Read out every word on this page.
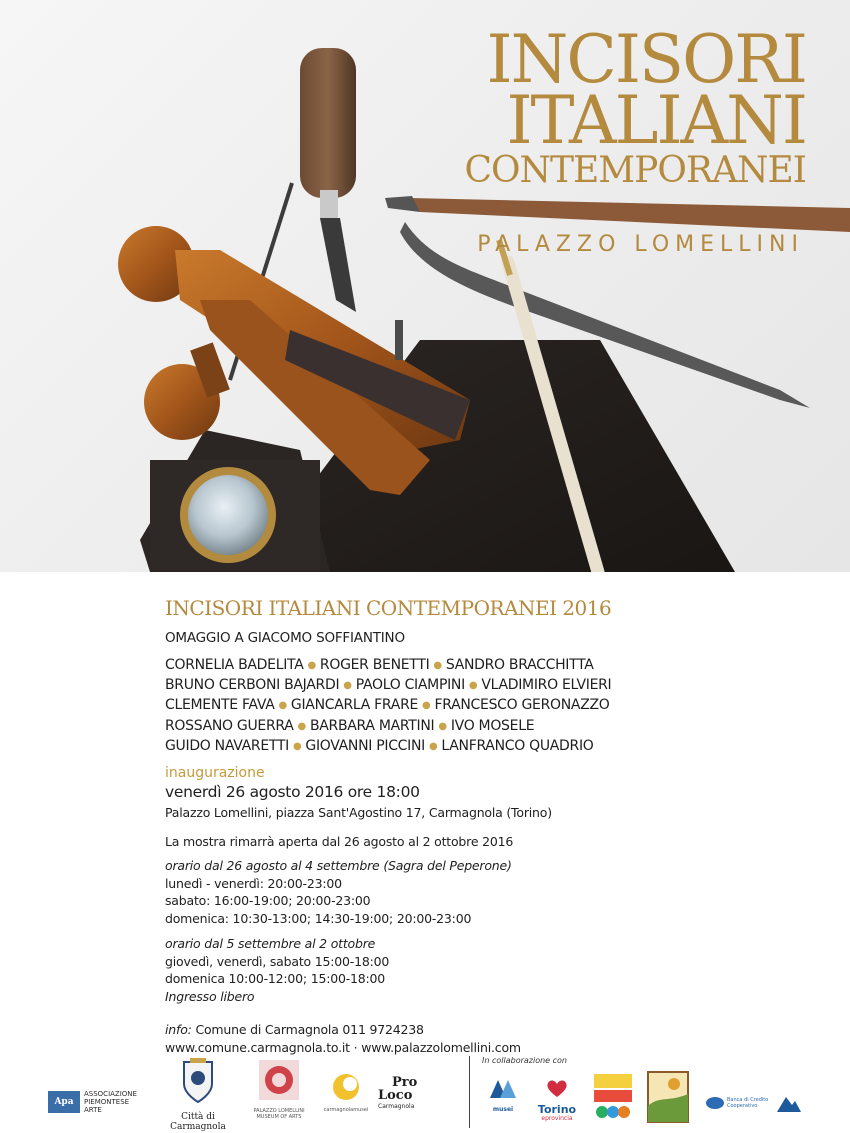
INCISORI
ITALIANI
CONTEMPORANEI
PALAZZO LOMELLINI
INCISORI ITALIANI CONTEMPORANEI 2016
OMAGGIO A GIACOMO SOFFIANTINO
CORNELIA BADELITA ● ROGER BENETTI ● SANDRO BRACCHITTA
BRUNO CERBONI BAJARDI ● PAOLO CIAMPINI ● VLADIMIRO ELVIERI
CLEMENTE FAVA ● GIANCARLA FRARE ● FRANCESCO GERONAZZO
ROSSANO GUERRA ● BARBARA MARTINI ● IVO MOSELE
GUIDO NAVARETTI ● GIOVANNI PICCINI ● LANFRANCO QUADRIO
inaugurazione
venerdì 26 agosto 2016 ore 18:00
Palazzo Lomellini, piazza Sant'Agostino 17, Carmagnola (Torino)
La mostra rimarrà aperta dal 26 agosto al 2 ottobre 2016
orario dal 26 agosto al 4 settembre (Sagra del Peperone)
lunedì - venerdì: 20:00-23:00
sabato: 16:00-19:00; 20:00-23:00
domenica: 10:30-13:00; 14:30-19:00; 20:00-23:00
orario dal 5 settembre al 2 ottobre
giovedì, venerdì, sabato 15:00-18:00
domenica 10:00-12:00; 15:00-18:00
Ingresso libero
info: Comune di Carmagnola 011 9724238
www.comune.carmagnola.to.it · www.palazzolomellini.com
Apa
ASSOCIAZIONE
PIEMONTESE
ARTE
Città di Carmagnola
PALAZZO LOMELLINI
MUSEUM OF ARTS
carmagnolamusei
Pro
Loco
Carmagnola
In collaborazione con
musei	Torino
eprovincia
Banca di Credito
Cooperativo
